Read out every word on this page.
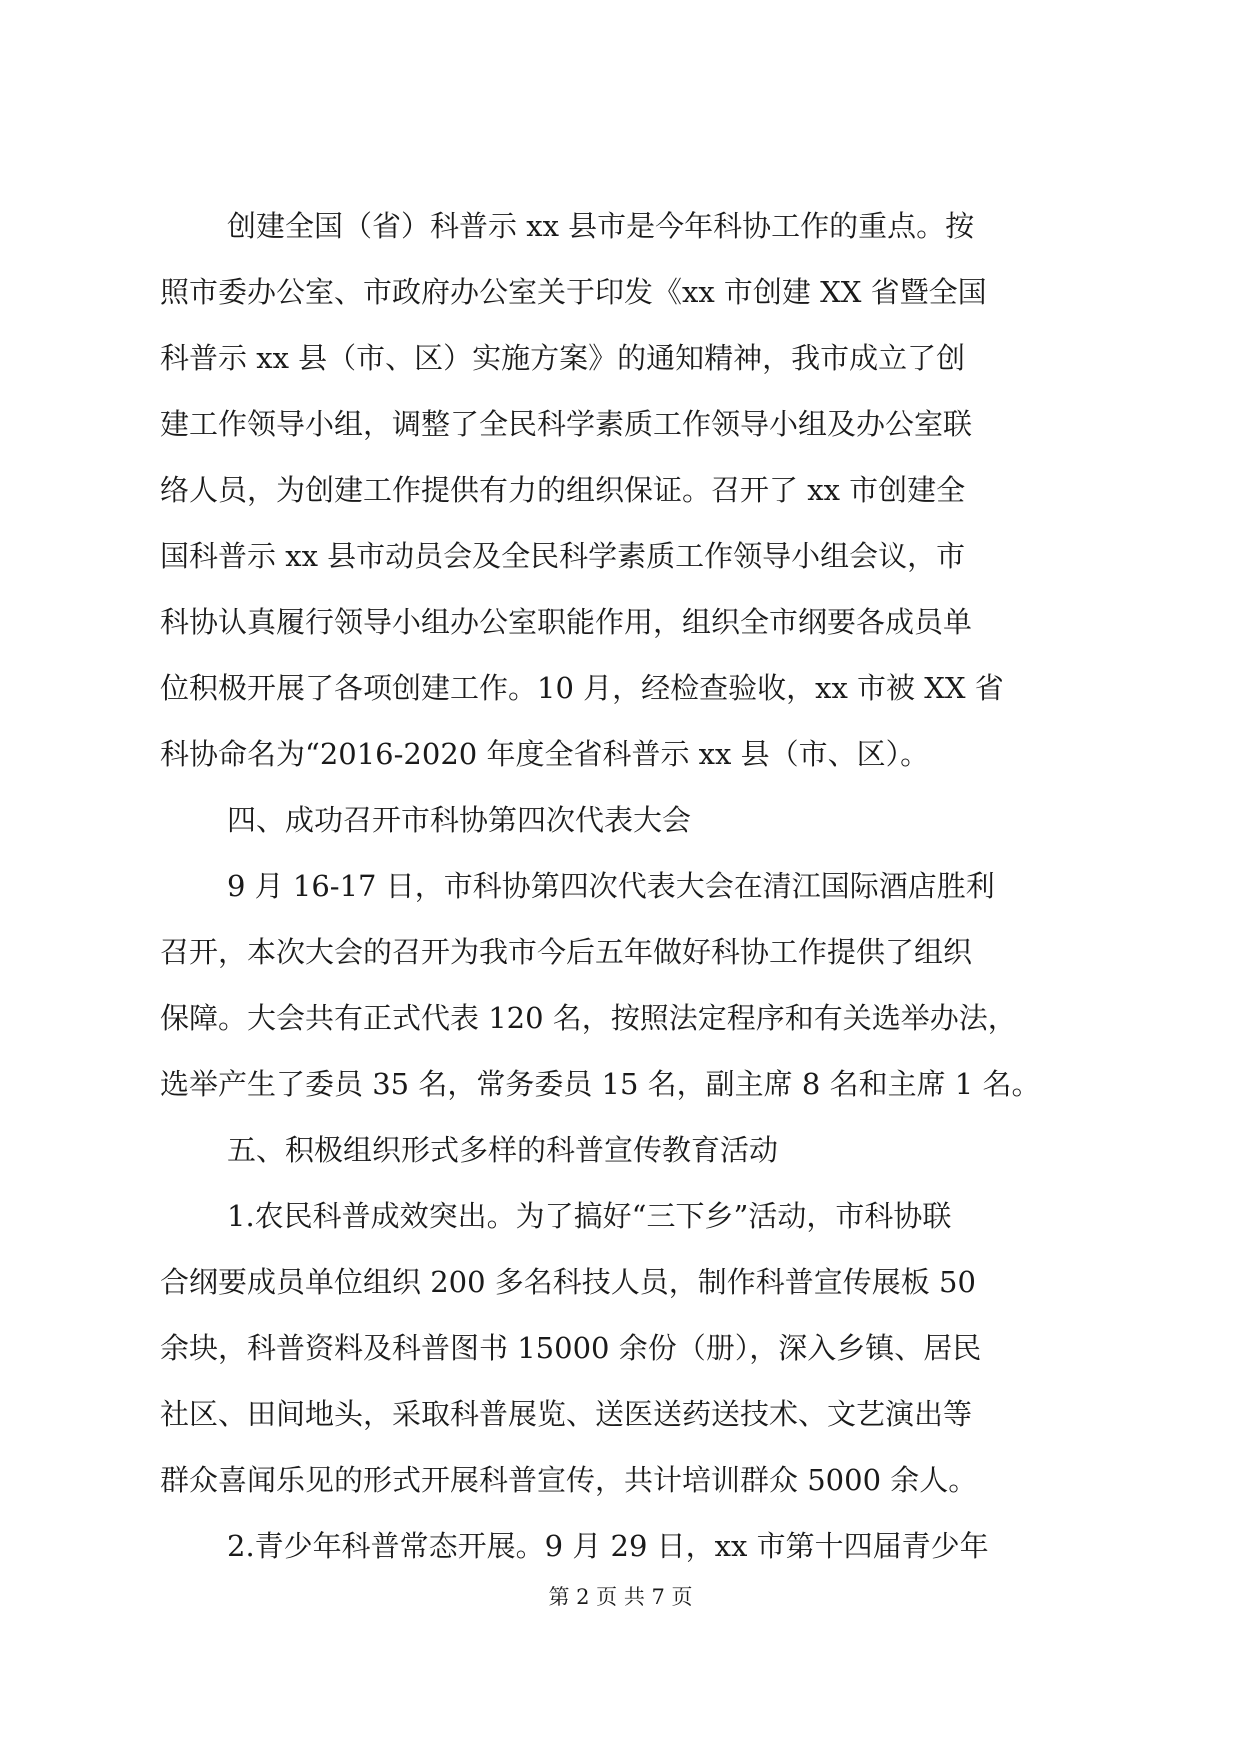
创建全国（省）科普示 xx 县市是今年科协工作的重点。按
照市委办公室、市政府办公室关于印发《xx 市创建 XX 省暨全国
科普示 xx 县（市、区）实施方案》的通知精神，我市成立了创
建工作领导小组，调整了全民科学素质工作领导小组及办公室联
络人员，为创建工作提供有力的组织保证。召开了 xx 市创建全
国科普示 xx 县市动员会及全民科学素质工作领导小组会议，市
科协认真履行领导小组办公室职能作用，组织全市纲要各成员单
位积极开展了各项创建工作。10 月，经检查验收，xx 市被 XX 省
科协命名为“2016-2020 年度全省科普示 xx 县（市、区）。
四、成功召开市科协第四次代表大会
9 月 16-17 日，市科协第四次代表大会在清江国际酒店胜利
召开，本次大会的召开为我市今后五年做好科协工作提供了组织
保障。大会共有正式代表 120 名，按照法定程序和有关选举办法，
选举产生了委员 35 名，常务委员 15 名，副主席 8 名和主席 1 名。
五、积极组织形式多样的科普宣传教育活动
1.农民科普成效突出。为了搞好“三下乡”活动，市科协联
合纲要成员单位组织 200 多名科技人员，制作科普宣传展板 50
余块，科普资料及科普图书 15000 余份（册），深入乡镇、居民
社区、田间地头，采取科普展览、送医送药送技术、文艺演出等
群众喜闻乐见的形式开展科普宣传，共计培训群众 5000 余人。
2.青少年科普常态开展。9 月 29 日，xx 市第十四届青少年
第 2 页 共 7 页
